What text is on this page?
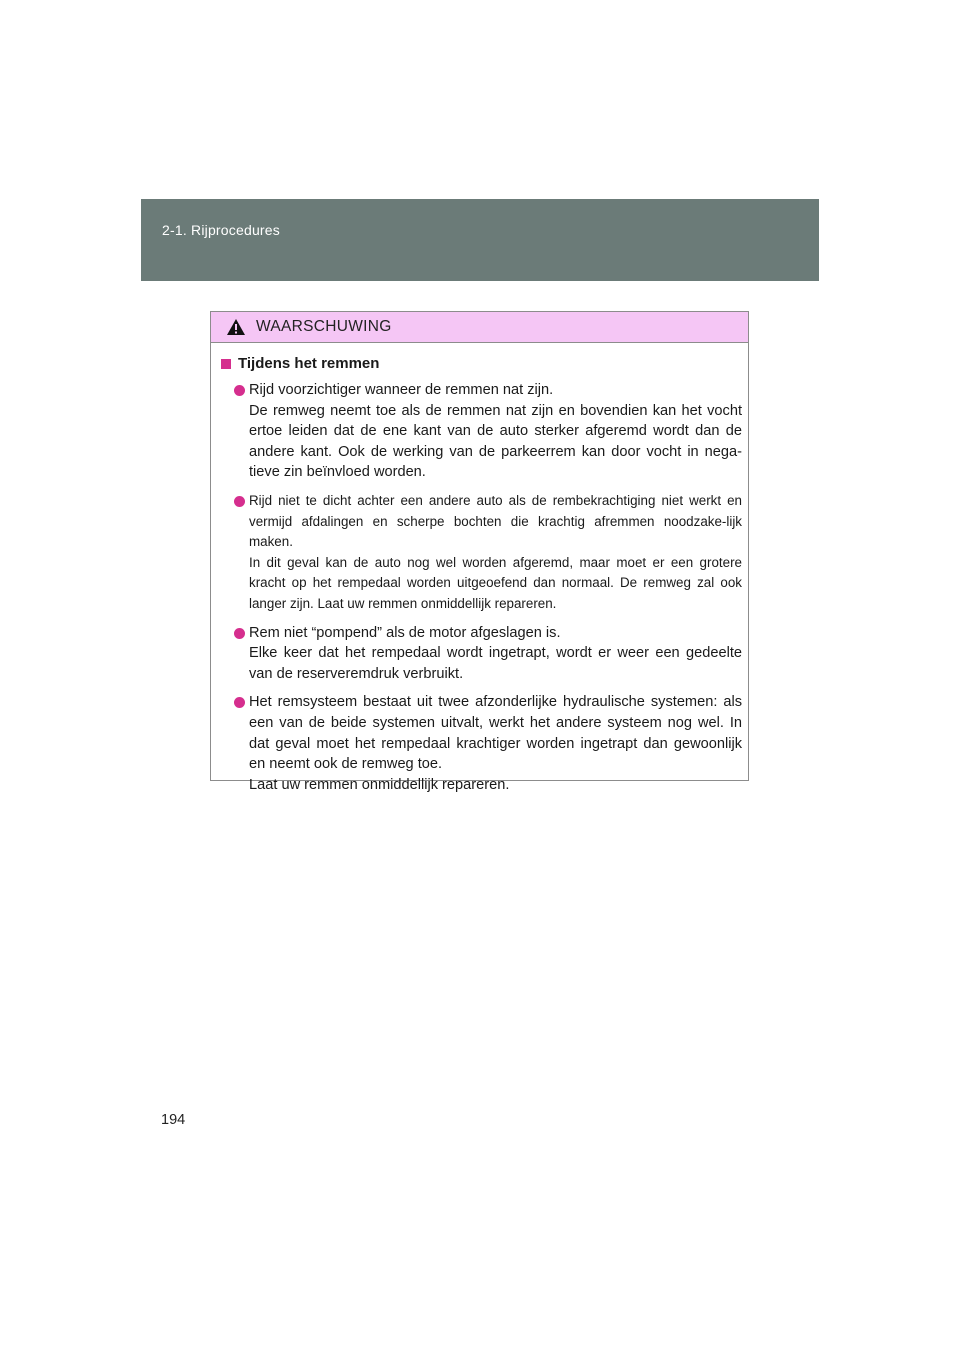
2-1. Rijprocedures
WAARSCHUWING
Tijdens het remmen

Rijd voorzichtiger wanneer de remmen nat zijn.

De remweg neemt toe als de remmen nat zijn en bovendien kan het vocht ertoe leiden dat de ene kant van de auto sterker afgeremd wordt dan de andere kant. Ook de werking van de parkeerrem kan door vocht in nega-tieve zin beïnvloed worden.

Rijd niet te dicht achter een andere auto als de rembekrachtiging niet werkt en vermijd afdalingen en scherpe bochten die krachtig afremmen noodzake-lijk maken.

In dit geval kan de auto nog wel worden afgeremd, maar moet er een grotere kracht op het rempedaal worden uitgeoefend dan normaal. De remweg zal ook langer zijn. Laat uw remmen onmiddellijk repareren.

Rem niet “pompend” als de motor afgeslagen is.

Elke keer dat het rempedaal wordt ingetrapt, wordt er weer een gedeelte van de reserveremdruk verbruikt.

Het remsysteem bestaat uit twee afzonderlijke hydraulische systemen: als een van de beide systemen uitvalt, werkt het andere systeem nog wel. In dat geval moet het rempedaal krachtiger worden ingetrapt dan gewoonlijk en neemt ook de remweg toe.

Laat uw remmen onmiddellijk repareren.

194
